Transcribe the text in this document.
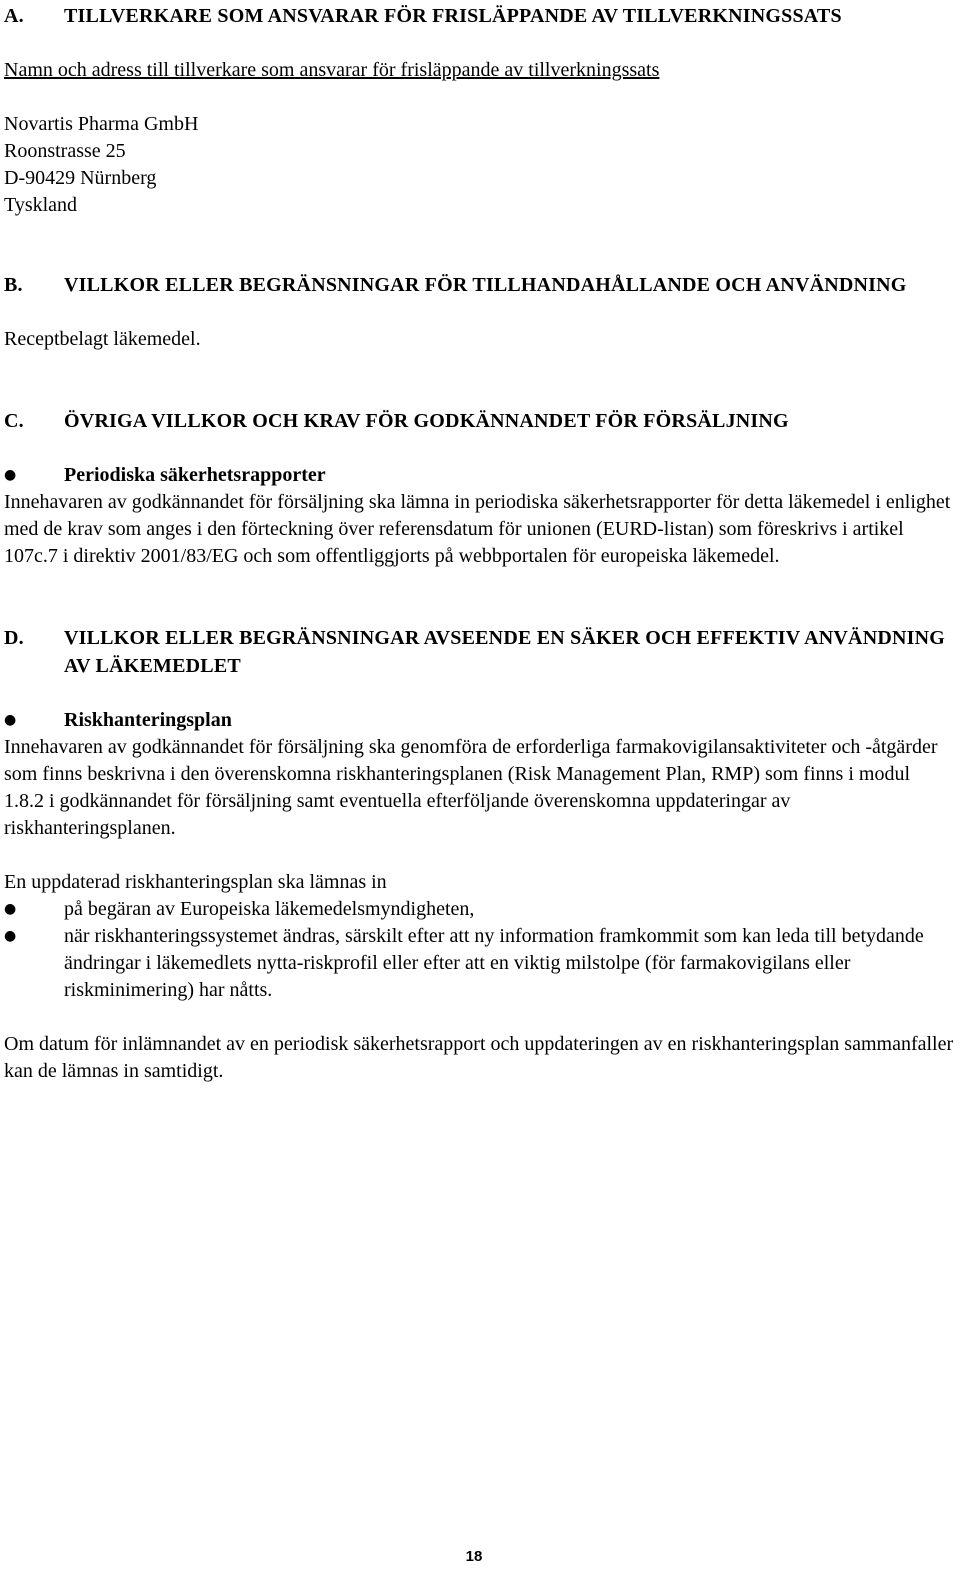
A.	TILLVERKARE SOM ANSVARAR FÖR FRISLÄPPANDE AV TILLVERKNINGSSATS

Namn och adress till tillverkare som ansvarar för frisläppande av tillverkningssats

Novartis Pharma GmbH
Roonstrasse 25
D-90429 Nürnberg
Tyskland
B.	VILLKOR ELLER BEGRÄNSNINGAR FÖR TILLHANDAHÅLLANDE OCH ANVÄNDNING

Receptbelagt läkemedel.

C.	ÖVRIGA VILLKOR OCH KRAV FÖR GODKÄNNANDET FÖR FÖRSÄLJNING
●	Periodiska säkerhetsrapporter

Innehavaren av godkännandet för försäljning ska lämna in periodiska säkerhetsrapporter för detta läkemedel i enlighet med de krav som anges i den förteckning över referensdatum för unionen (EURD-listan) som föreskrivs i artikel 107c.7 i direktiv 2001/83/EG och som offentliggjorts på webbportalen för europeiska läkemedel.

D.	VILLKOR ELLER BEGRÄNSNINGAR AVSEENDE EN SÄKER OCH EFFEKTIV ANVÄNDNING AV LÄKEMEDLET
●	Riskhanteringsplan

Innehavaren av godkännandet för försäljning ska genomföra de erforderliga farmakovigilansaktiviteter och -åtgärder som finns beskrivna i den överenskomna riskhanteringsplanen (Risk Management Plan, RMP) som finns i modul 1.8.2 i godkännandet för försäljning samt eventuella efterföljande överenskomna uppdateringar av riskhanteringsplanen.

En uppdaterad riskhanteringsplan ska lämnas in

●	på begäran av Europeiska läkemedelsmyndigheten,
●	när riskhanteringssystemet ändras, särskilt efter att ny information framkommit som kan leda till betydande ändringar i läkemedlets nytta-riskprofil eller efter att en viktig milstolpe (för farmakovigilans eller riskminimering) har nåtts.

Om datum för inlämnandet av en periodisk säkerhetsrapport och uppdateringen av en riskhanteringsplan sammanfaller kan de lämnas in samtidigt.

18
